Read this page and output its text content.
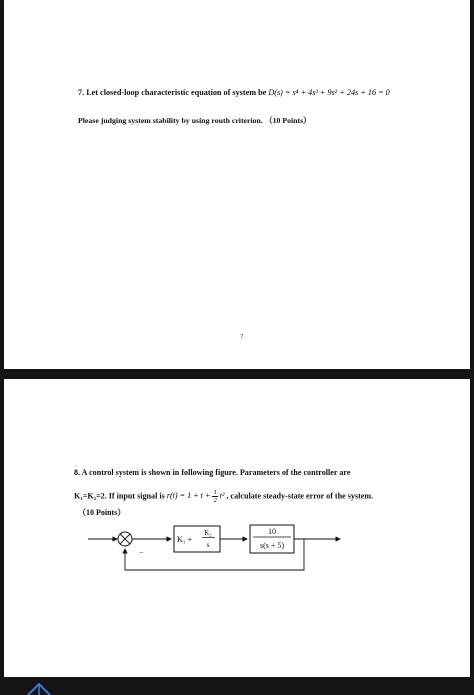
7. Let closed-loop characteristic equation of system be D(s) = s⁴ + 4s³ + 9s² + 24s + 16 = 0
Please judging system stability by using routh criterion. （10 Points）
?
8. A control system is shown in following figure. Parameters of the controller are
K₁=K₂=2. If input signal is $r(t) = 1 + t + \frac{1}{2} t^2$ , calculate steady-state error of the system.
（10 Points）
−
K₁ +
K₂
s
10
s(s + 5)
